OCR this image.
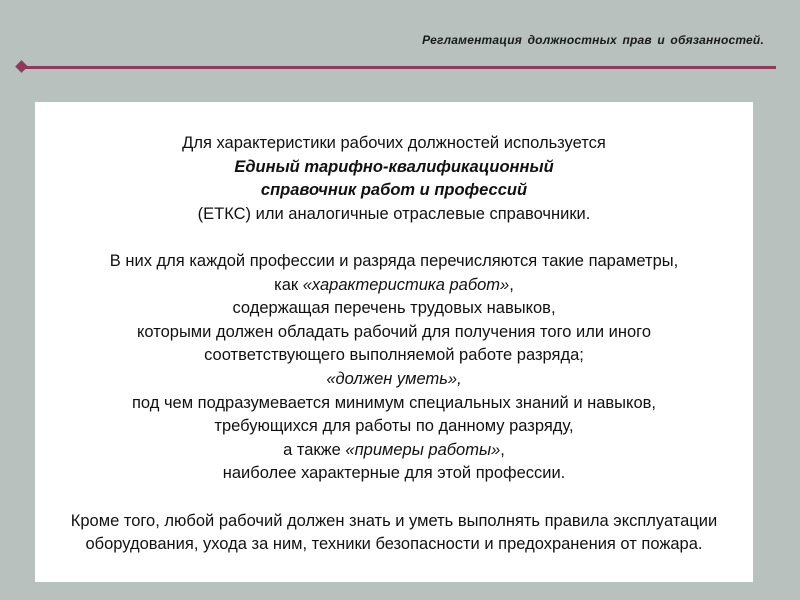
Регламентация должностных прав и обязанностей.
Для характеристики рабочих должностей используется
Единый тарифно-квалификационный
справочник работ и профессий
(ЕТКС) или аналогичные отраслевые справочники.
В них для каждой профессии и разряда перечисляются такие параметры,
как «характеристика работ»,
содержащая перечень трудовых навыков,
которыми должен обладать рабочий для получения того или иного
соответствующего выполняемой работе разряда;
«должен уметь»,
под чем подразумевается минимум специальных знаний и навыков,
требующихся для работы по данному разряду,
а также «примеры работы»,
наиболее характерные для этой профессии.
Кроме того, любой рабочий должен знать и уметь выполнять правила эксплуатации
оборудования, ухода за ним, техники безопасности и предохранения от пожара.
